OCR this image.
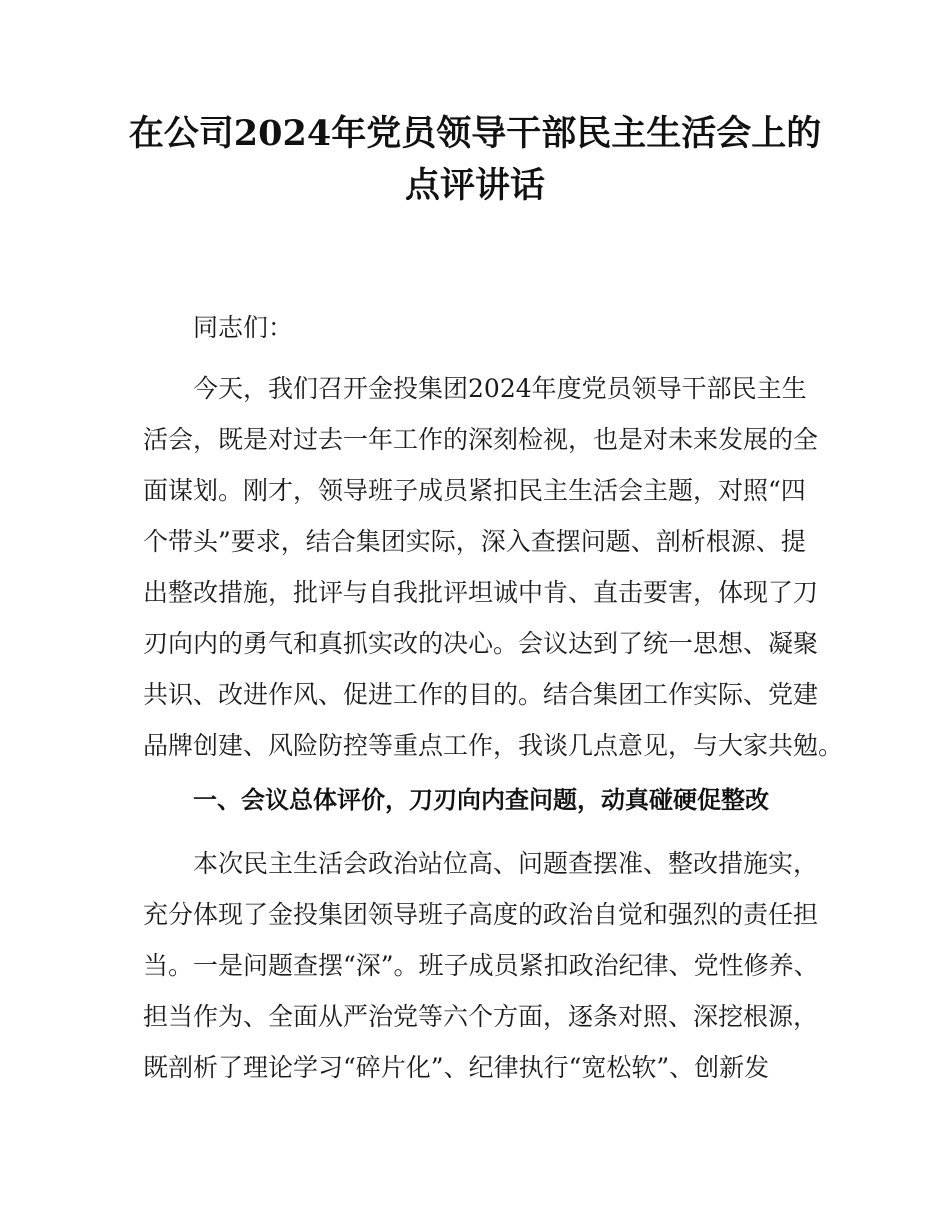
在公司2024年党员领导干部民主生活会上的
点评讲话
同志们：
今天，我们召开金投集团2024年度党员领导干部民主生
活会，既是对过去一年工作的深刻检视，也是对未来发展的全
面谋划。刚才，领导班子成员紧扣民主生活会主题，对照“四
个带头”要求，结合集团实际，深入查摆问题、剖析根源、提
出整改措施，批评与自我批评坦诚中肯、直击要害，体现了刀
刃向内的勇气和真抓实改的决心。会议达到了统一思想、凝聚
共识、改进作风、促进工作的目的。结合集团工作实际、党建
品牌创建、风险防控等重点工作，我谈几点意见，与大家共勉。
一、会议总体评价，刀刃向内查问题，动真碰硬促整改
本次民主生活会政治站位高、问题查摆准、整改措施实，
充分体现了金投集团领导班子高度的政治自觉和强烈的责任担
当。一是问题查摆“深”。班子成员紧扣政治纪律、党性修养、
担当作为、全面从严治党等六个方面，逐条对照、深挖根源，
既剖析了理论学习“碎片化”、纪律执行“宽松软”、创新发
